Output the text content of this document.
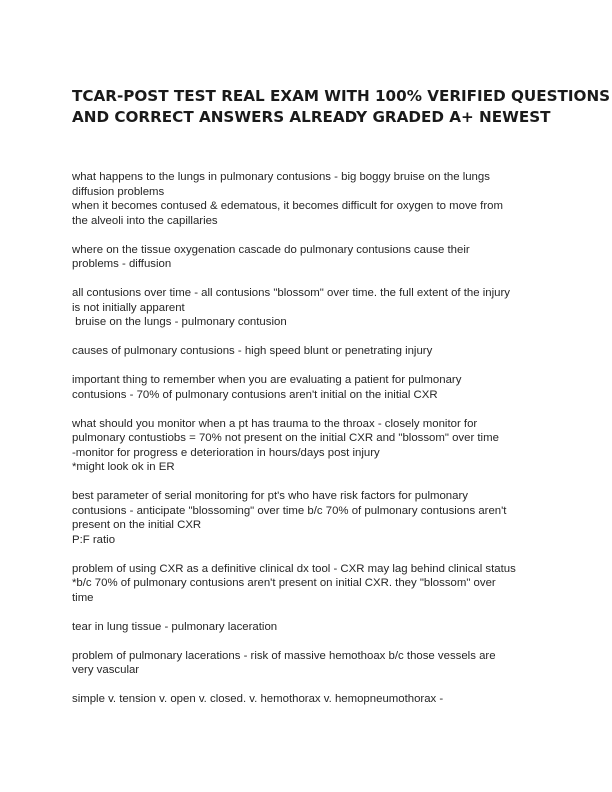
TCAR-POST TEST REAL EXAM WITH 100% VERIFIED QUESTIONS
AND CORRECT ANSWERS ALREADY GRADED A+ NEWEST
what happens to the lungs in pulmonary contusions - big boggy bruise on the lungs
diffusion problems
when it becomes contused & edematous, it becomes difficult for oxygen to move from
the alveoli into the capillaries
where on the tissue oxygenation cascade do pulmonary contusions cause their
problems - diffusion
all contusions over time - all contusions "blossom" over time. the full extent of the injury
is not initially apparent
bruise on the lungs - pulmonary contusion
causes of pulmonary contusions - high speed blunt or penetrating injury
important thing to remember when you are evaluating a patient for pulmonary
contusions - 70% of pulmonary contusions aren't initial on the initial CXR
what should you monitor when a pt has trauma to the throax - closely monitor for
pulmonary contustiobs = 70% not present on the initial CXR and "blossom" over time
-monitor for progress e deterioration in hours/days post injury
*might look ok in ER
best parameter of serial monitoring for pt's who have risk factors for pulmonary
contusions - anticipate "blossoming" over time b/c 70% of pulmonary contusions aren't
present on the initial CXR
P:F ratio
problem of using CXR as a definitive clinical dx tool - CXR may lag behind clinical status
*b/c 70% of pulmonary contusions aren't present on initial CXR. they "blossom" over
time
tear in lung tissue - pulmonary laceration
problem of pulmonary lacerations - risk of massive hemothoax b/c those vessels are
very vascular
simple v. tension v. open v. closed. v. hemothorax v. hemopneumothorax -
